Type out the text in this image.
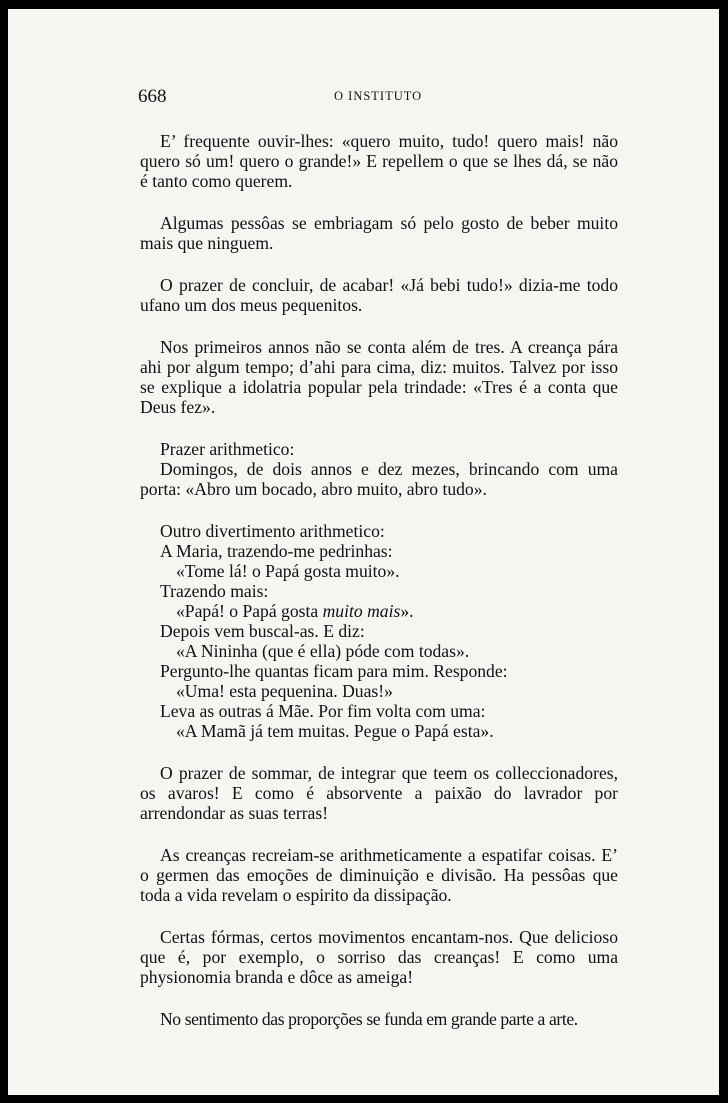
668	O INSTITUTO

E’ frequente ouvir-lhes: «quero muito, tudo! quero mais! não quero só um! quero o grande!» E repellem o que se lhes dá, se não é tanto como querem.

Algumas pessôas se embriagam só pelo gosto de beber muito mais que ninguem.

O prazer de concluir, de acabar! «Já bebi tudo!» dizia-me todo ufano um dos meus pequenitos.

Nos primeiros annos não se conta além de tres. A creança pára ahi por algum tempo; d’ahi para cima, diz: muitos. Talvez por isso se explique a idolatria popular pela trindade: «Tres é a conta que Deus fez».

Prazer arithmetico:

Domingos, de dois annos e dez mezes, brincando com uma porta: «Abro um bocado, abro muito, abro tudo».

Outro divertimento arithmetico:

A Maria, trazendo-me pedrinhas:

«Tome lá! o Papá gosta muito».

Trazendo mais:

«Papá! o Papá gosta muito mais».

Depois vem buscal-as. E diz:

«A Nininha (que é ella) póde com todas».

Pergunto-lhe quantas ficam para mim. Responde:

«Uma! esta pequenina. Duas!»

Leva as outras á Mãe. Por fim volta com uma:

«A Mamã já tem muitas. Pegue o Papá esta».

O prazer de sommar, de integrar que teem os colleccionadores, os avaros! E como é absorvente a paixão do lavrador por arrendondar as suas terras!

As creanças recreiam-se arithmeticamente a espatifar coisas. E’ o germen das emoções de diminuição e divisão. Ha pessôas que toda a vida revelam o espirito da dissipação.

Certas fórmas, certos movimentos encantam-nos. Que delicioso que é, por exemplo, o sorriso das creanças! E como uma physionomia branda e dôce as ameiga!

No sentimento das proporções se funda em grande parte a arte.
